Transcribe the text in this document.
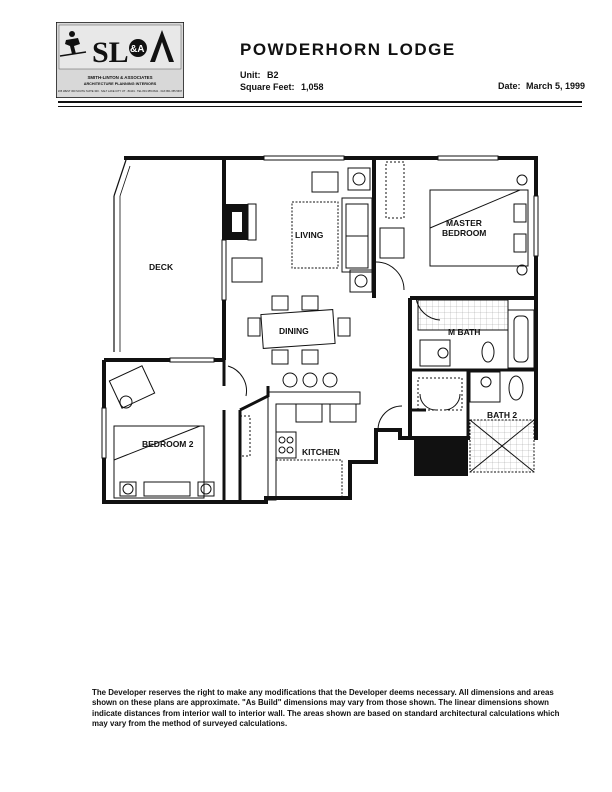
SL &A
SMITH-LINTON & ASSOCIATES
ARCHITECTURE PLANNING INTERIORS
205 WEST 300 SOUTH SUITE 300 · SALT LAKE CITY UT · 84101 · TEL 801.355.6641 · FAX 801.355.5697
POWDERHORN LODGE
Unit: B2
Square Feet: 1,058	Date: March 5, 1999
DECK
LIVING
MASTER
BEDROOM
DINING	M BATH
BEDROOM 2
KITCHEN
BATH 2
The Developer reserves the right to make any modifications that the Developer deems necessary. All dimensions and areas shown on these plans are approximate. "As Build" dimensions may vary from those shown. The linear dimensions shown indicate distances from interior wall to interior wall. The areas shown are based on standard architectural calculations which may vary from the method of surveyed calculations.
